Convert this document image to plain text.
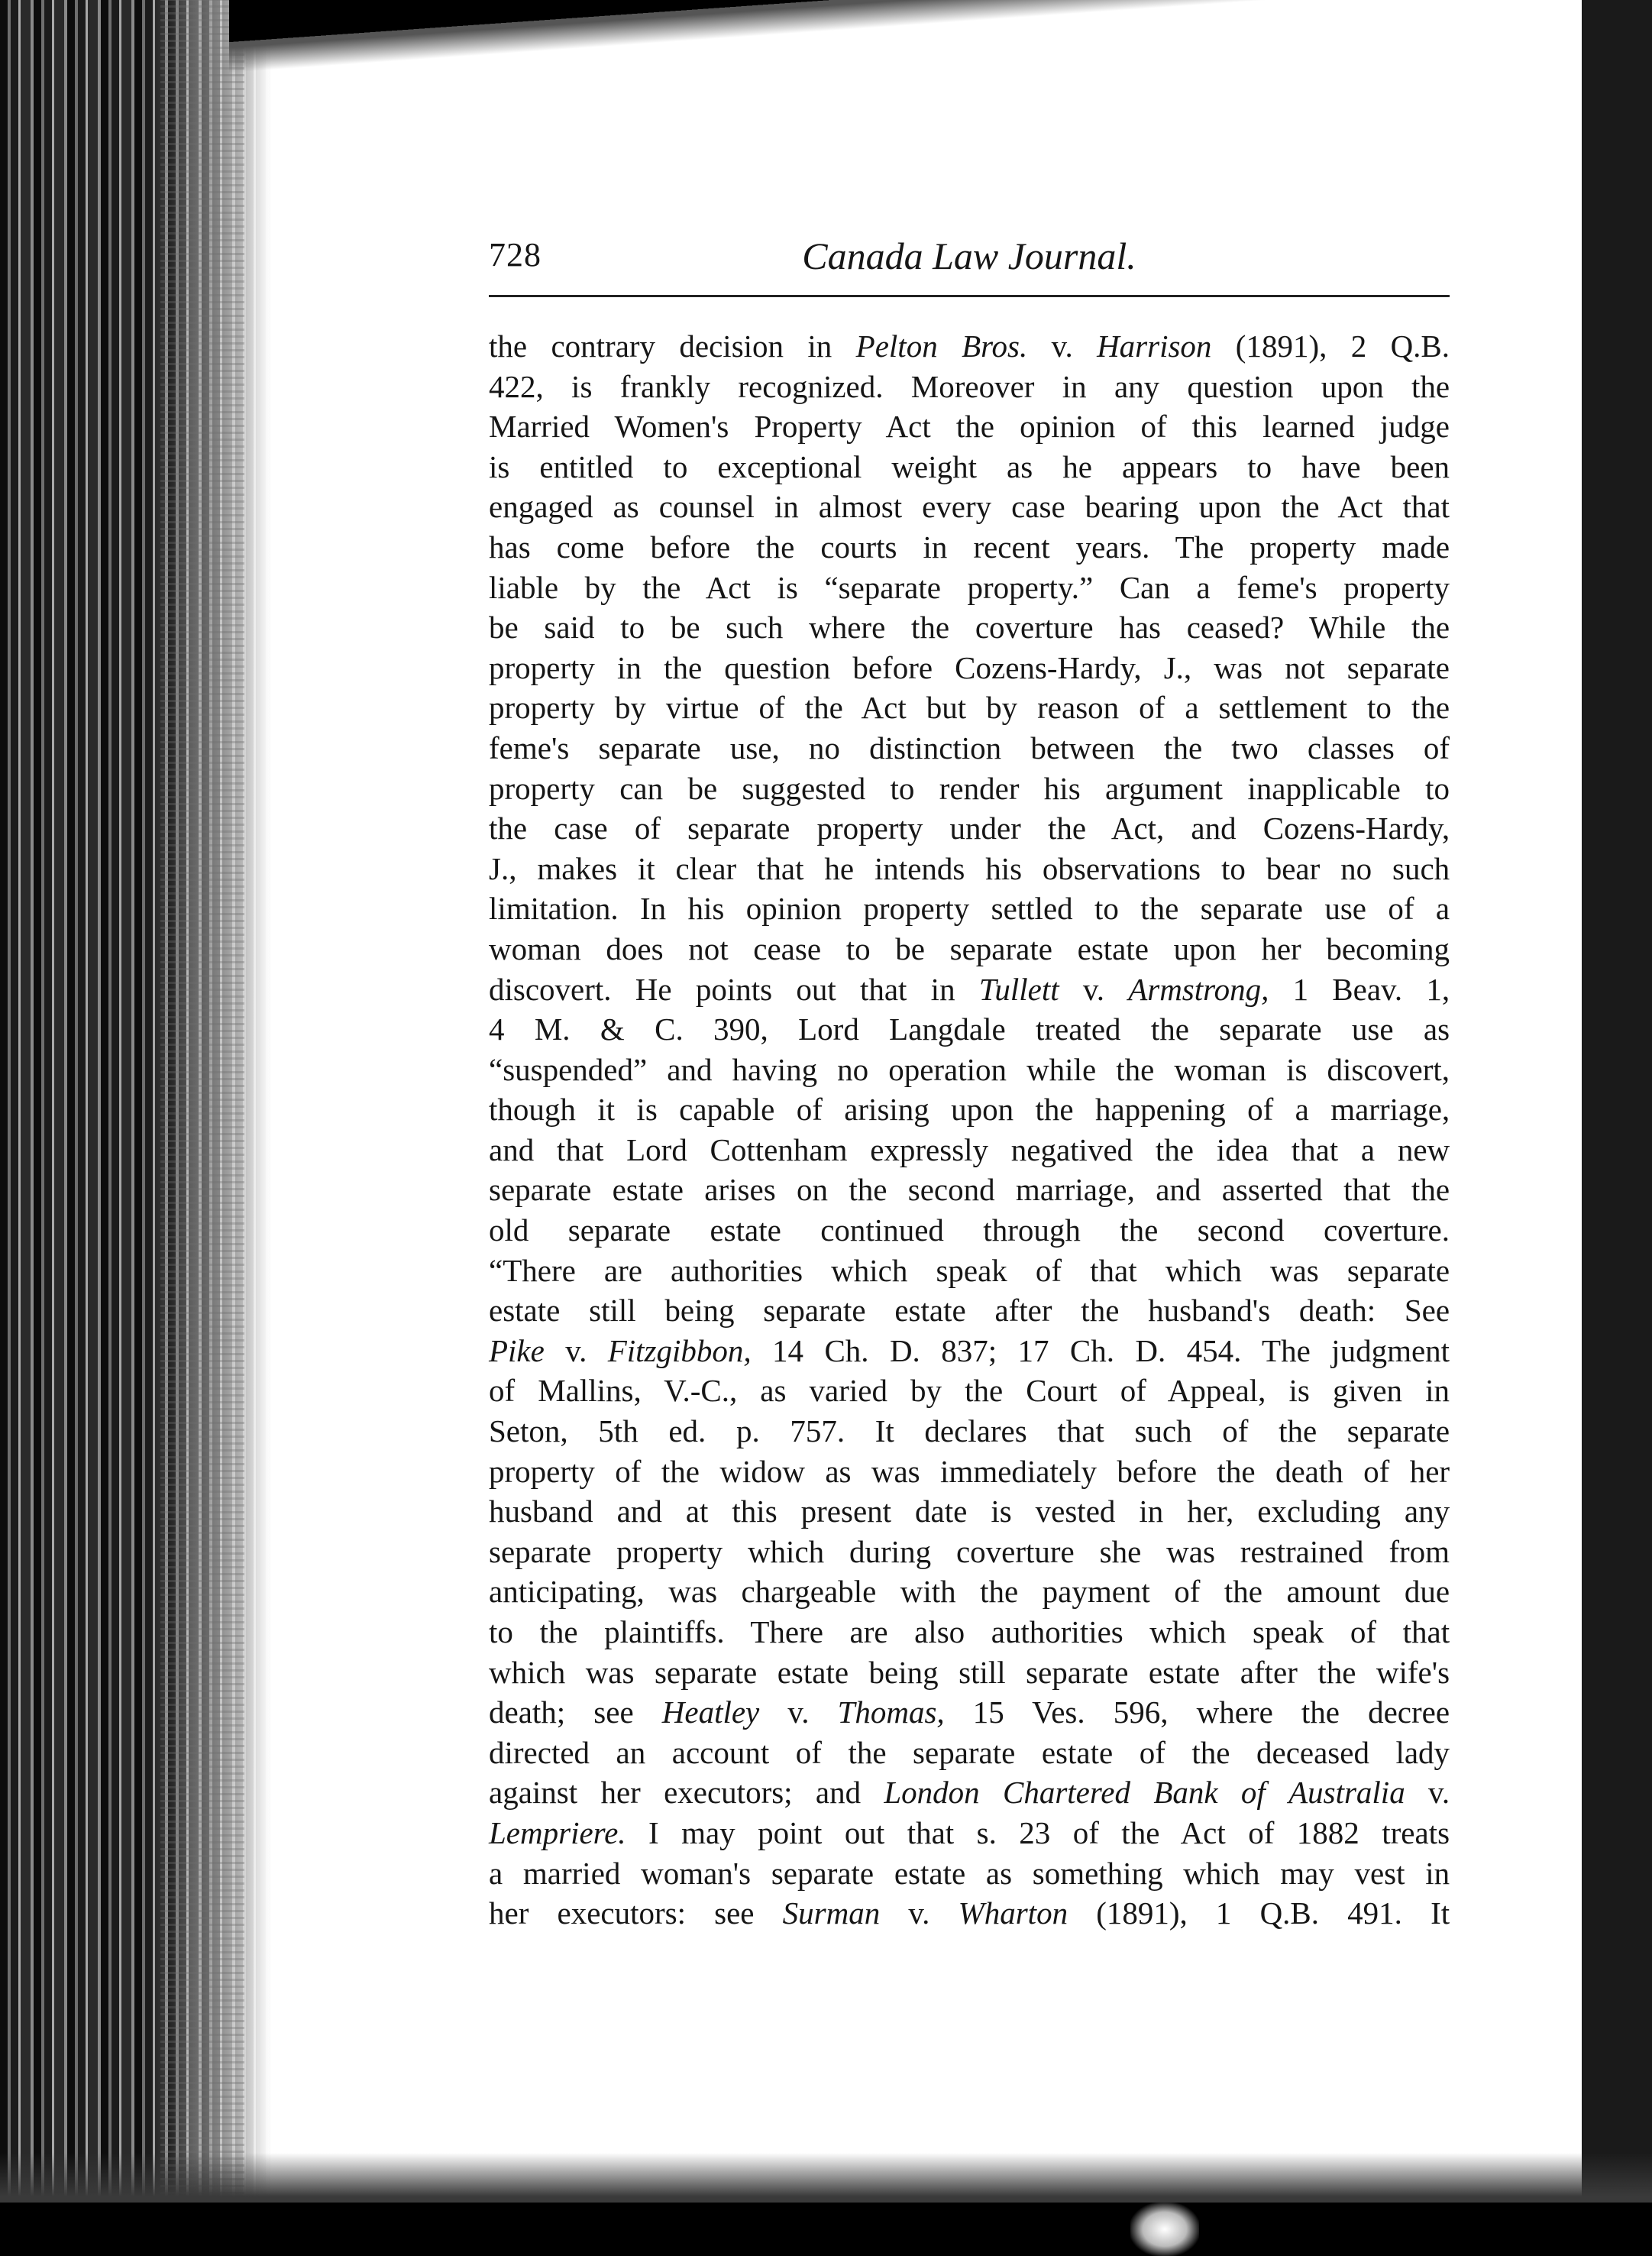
728	Canada Law Journal.
the contrary decision in Pelton Bros. v. Harrison (1891), 2 Q.B.
422, is frankly recognized. Moreover in any question upon the
Married Women's Property Act the opinion of this learned judge
is entitled to exceptional weight as he appears to have been
engaged as counsel in almost every case bearing upon the Act that
has come before the courts in recent years. The property made
liable by the Act is “separate property.” Can a feme's property
be said to be such where the coverture has ceased? While the
property in the question before Cozens-Hardy, J., was not separate
property by virtue of the Act but by reason of a settlement to the
feme's separate use, no distinction between the two classes of
property can be suggested to render his argument inapplicable to
the case of separate property under the Act, and Cozens-Hardy,
J., makes it clear that he intends his observations to bear no such
limitation. In his opinion property settled to the separate use of a
woman does not cease to be separate estate upon her becoming
discovert. He points out that in Tullett v. Armstrong, 1 Beav. 1,
4 M. & C. 390, Lord Langdale treated the separate use as
“suspended” and having no operation while the woman is discovert,
though it is capable of arising upon the happening of a marriage,
and that Lord Cottenham expressly negatived the idea that a new
separate estate arises on the second marriage, and asserted that the
old separate estate continued through the second coverture.
“There are authorities which speak of that which was separate
estate still being separate estate after the husband's death: See
Pike v. Fitzgibbon, 14 Ch. D. 837; 17 Ch. D. 454. The judgment
of Mallins, V.-C., as varied by the Court of Appeal, is given in
Seton, 5th ed. p. 757. It declares that such of the separate
property of the widow as was immediately before the death of her
husband and at this present date is vested in her, excluding any
separate property which during coverture she was restrained from
anticipating, was chargeable with the payment of the amount due
to the plaintiffs. There are also authorities which speak of that
which was separate estate being still separate estate after the wife's
death; see Heatley v. Thomas, 15 Ves. 596, where the decree
directed an account of the separate estate of the deceased lady
against her executors; and London Chartered Bank of Australia v.
Lempriere. I may point out that s. 23 of the Act of 1882 treats
a married woman's separate estate as something which may vest in
her executors: see Surman v. Wharton (1891), 1 Q.B. 491. It
